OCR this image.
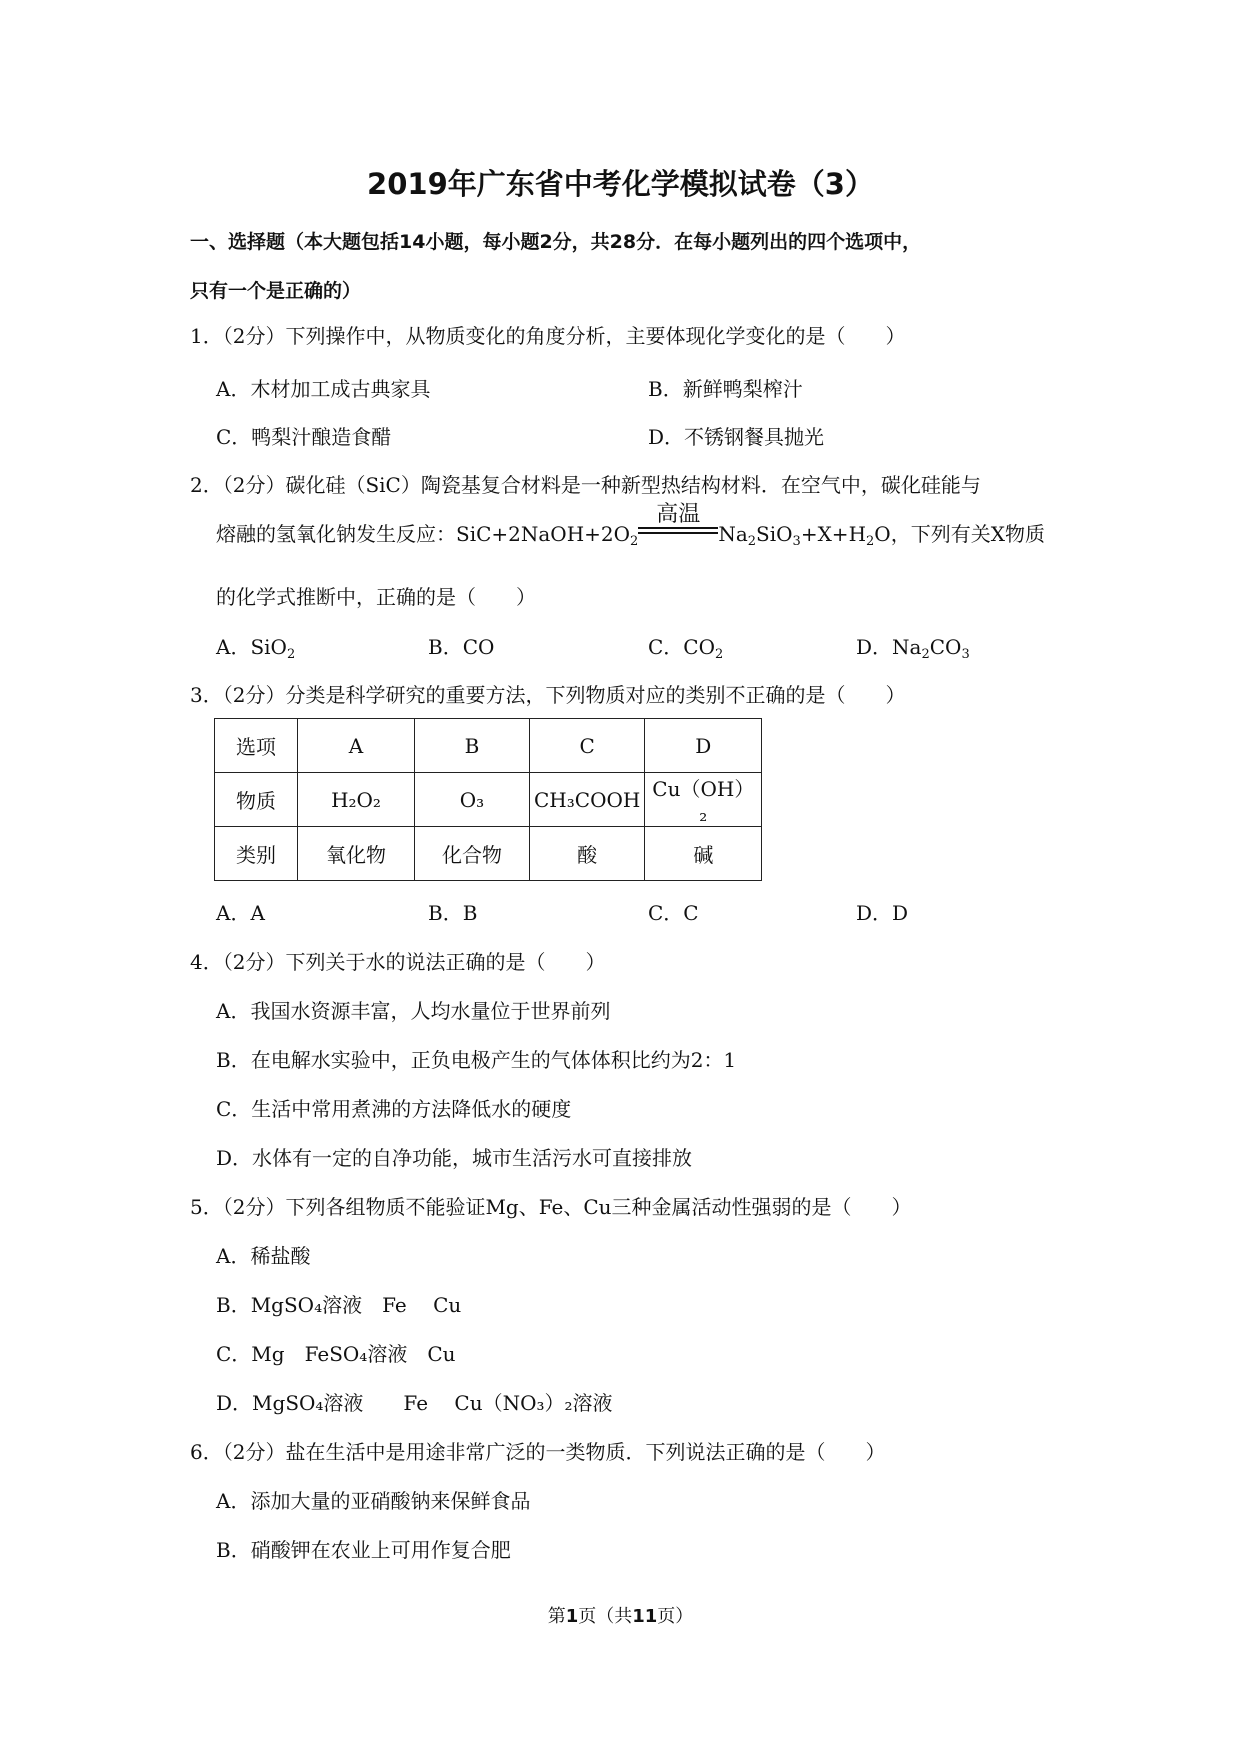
2019年广东省中考化学模拟试卷（3）
一、选择题（本大题包括14小题，每小题2分，共28分．在每小题列出的四个选项中，
只有一个是正确的）
1．（2分）下列操作中，从物质变化的角度分析，主要体现化学变化的是（　　）
A．木材加工成古典家具	B．新鲜鸭梨榨汁
C．鸭梨汁酿造食醋	D．不锈钢餐具抛光
2．（2分）碳化硅（SiC）陶瓷基复合材料是一种新型热结构材料．在空气中，碳化硅能与
熔融的氢氧化钠发生反应：$SiC+2NaOH+2O_2$
高温
$Na_2SiO_3+X+H_2O$，下列有关X物质
的化学式推断中，正确的是（　　）
A．SiO$_2$	B．CO	C．$CO_2$	D．$Na_2CO_3$
3．（2分）分类是科学研究的重要方法，下列物质对应的类别不正确的是（　　）
选项	A	B	C	D
物质	H₂O₂	O₃	CH₃COOH	Cu（OH）₂
类别	氧化物	化合物	酸	碱
A．A	B．B	C．C	D．D
4．（2分）下列关于水的说法正确的是（　　）
A．我国水资源丰富，人均水量位于世界前列
B．在电解水实验中，正负电极产生的气体体积比约为2：1
C．生活中常用煮沸的方法降低水的硬度
D．水体有一定的自净功能，城市生活污水可直接排放
5．（2分）下列各组物质不能验证Mg、Fe、Cu三种金属活动性强弱的是（　　）
A．稀盐酸
B．MgSO₄溶液　Fe　 Cu
C．Mg　FeSO₄溶液　Cu
D．MgSO₄溶液　　Fe　 Cu（NO₃）₂溶液
6．（2分）盐在生活中是用途非常广泛的一类物质．下列说法正确的是（　　）
A．添加大量的亚硝酸钠来保鲜食品
B．硝酸钾在农业上可用作复合肥
第1页（共11页）
